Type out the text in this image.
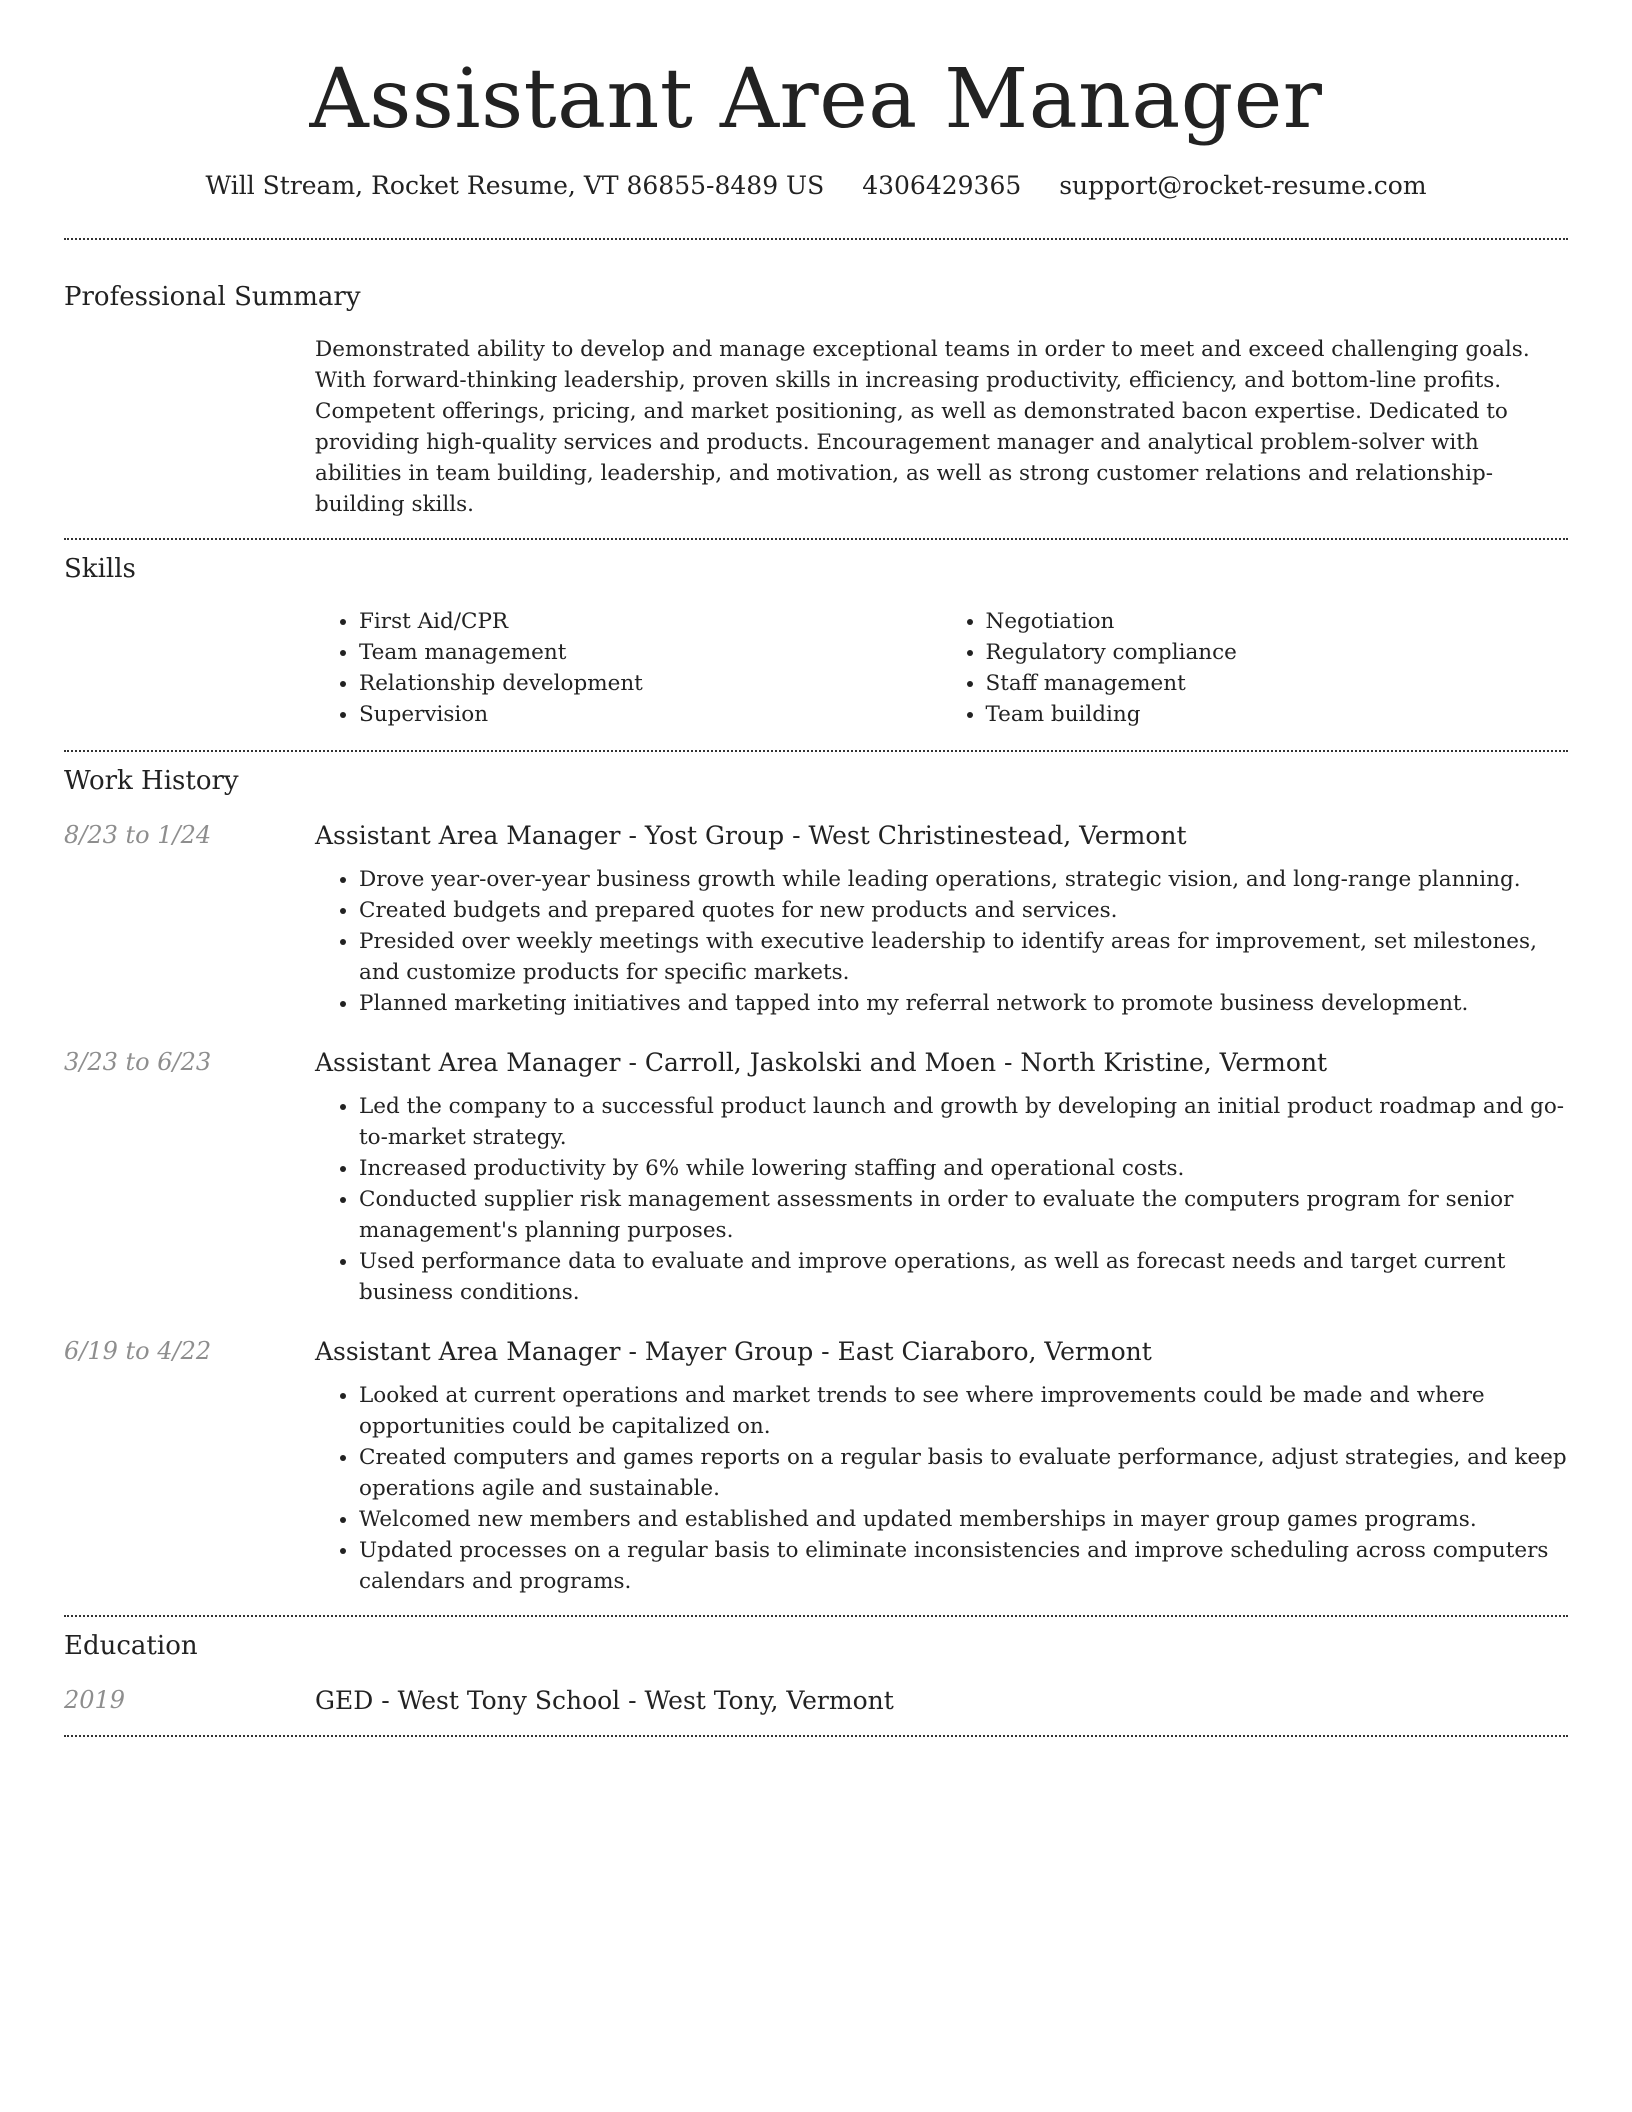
Assistant Area Manager
Will Stream, Rocket Resume, VT 86855-8489 US 4306429365 support@rocket-resume.com
Professional Summary

Demonstrated ability to develop and manage exceptional teams in order to meet and exceed challenging goals. With forward-thinking leadership, proven skills in increasing productivity, efficiency, and bottom-line profits. Competent offerings, pricing, and market positioning, as well as demonstrated bacon expertise. Dedicated to providing high-quality services and products. Encouragement manager and analytical problem-solver with abilities in team building, leadership, and motivation, as well as strong customer relations and relationship-building skills.

Skills
• First Aid/CPR
• Team management
• Relationship development
• Supervision
• Negotiation
• Regulatory compliance
• Staff management
• Team building
Work History
8/23 to 1/24	Assistant Area Manager - Yost Group - West Christinestead, Vermont
• Drove year-over-year business growth while leading operations, strategic vision, and long-range planning.
• Created budgets and prepared quotes for new products and services.
• Presided over weekly meetings with executive leadership to identify areas for improvement, set milestones, and customize products for specific markets.
• Planned marketing initiatives and tapped into my referral network to promote business development.
3/23 to 6/23	Assistant Area Manager - Carroll, Jaskolski and Moen - North Kristine, Vermont
• Led the company to a successful product launch and growth by developing an initial product roadmap and go-to-market strategy.
• Increased productivity by 6% while lowering staffing and operational costs.
• Conducted supplier risk management assessments in order to evaluate the computers program for senior management's planning purposes.
• Used performance data to evaluate and improve operations, as well as forecast needs and target current business conditions.
6/19 to 4/22	Assistant Area Manager - Mayer Group - East Ciaraboro, Vermont
• Looked at current operations and market trends to see where improvements could be made and where opportunities could be capitalized on.
• Created computers and games reports on a regular basis to evaluate performance, adjust strategies, and keep operations agile and sustainable.
• Welcomed new members and established and updated memberships in mayer group games programs.
• Updated processes on a regular basis to eliminate inconsistencies and improve scheduling across computers calendars and programs.
Education
2019	GED - West Tony School - West Tony, Vermont
